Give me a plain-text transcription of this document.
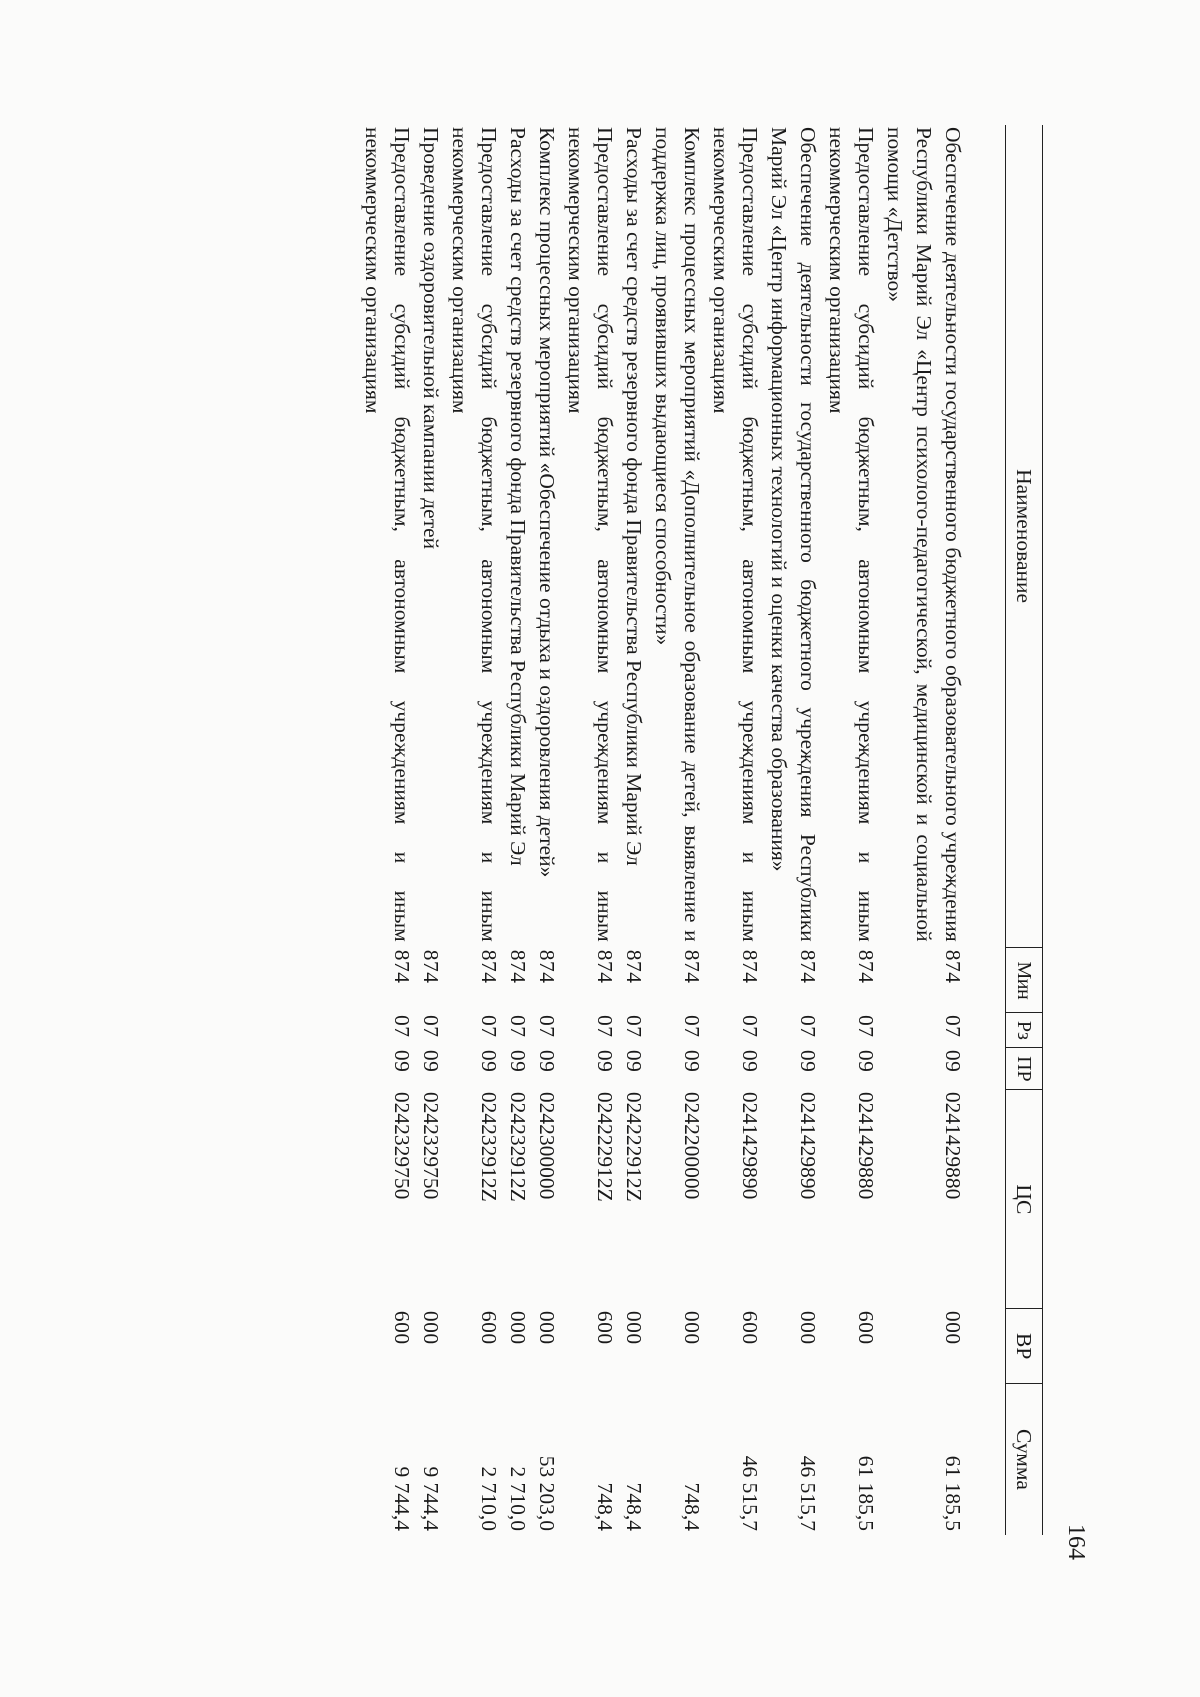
164
Наименование	Мин	Рз	ПР	ЦС	ВР	Сумма
Обеспечение деятельности государственного бюджетного образовательного учреждения Республики Марий Эл «Центр психолого-педагогической, медицинской и социальной помощи «Детство»	874	07	09	0241429880	000	61 185,5
Предоставление субсидий бюджетным, автономным учреждениям и иным некоммерческим организациям	874	07	09	0241429880	600	61 185,5
Обеспечение деятельности государственного бюджетного учреждения Республики Марий Эл «Центр информационных технологий и оценки качества образования»	874	07	09	0241429890	000	46 515,7
Предоставление субсидий бюджетным, автономным учреждениям и иным некоммерческим организациям	874	07	09	0241429890	600	46 515,7
Комплекс процессных мероприятий «Дополнительное образование детей, выявление и поддержка лиц, проявивших выдающиеся способности»	874	07	09	0242200000	000	748,4
Расходы за счет средств резервного фонда Правительства Республики Марий Эл	874	07	09	024222912Z	000	748,4
Предоставление субсидий бюджетным, автономным учреждениям и иным некоммерческим организациям	874	07	09	024222912Z	600	748,4
Комплекс процессных мероприятий «Обеспечение отдыха и оздоровления детей»	874	07	09	0242300000	000	53 203,0
Расходы за счет средств резервного фонда Правительства Республики Марий Эл	874	07	09	024232912Z	000	2 710,0
Предоставление субсидий бюджетным, автономным учреждениям и иным некоммерческим организациям	874	07	09	024232912Z	600	2 710,0
Проведение оздоровительной кампании детей	874	07	09	0242329750	000	9 744,4
Предоставление субсидий бюджетным, автономным учреждениям и иным некоммерческим организациям	874	07	09	0242329750	600	9 744,4
